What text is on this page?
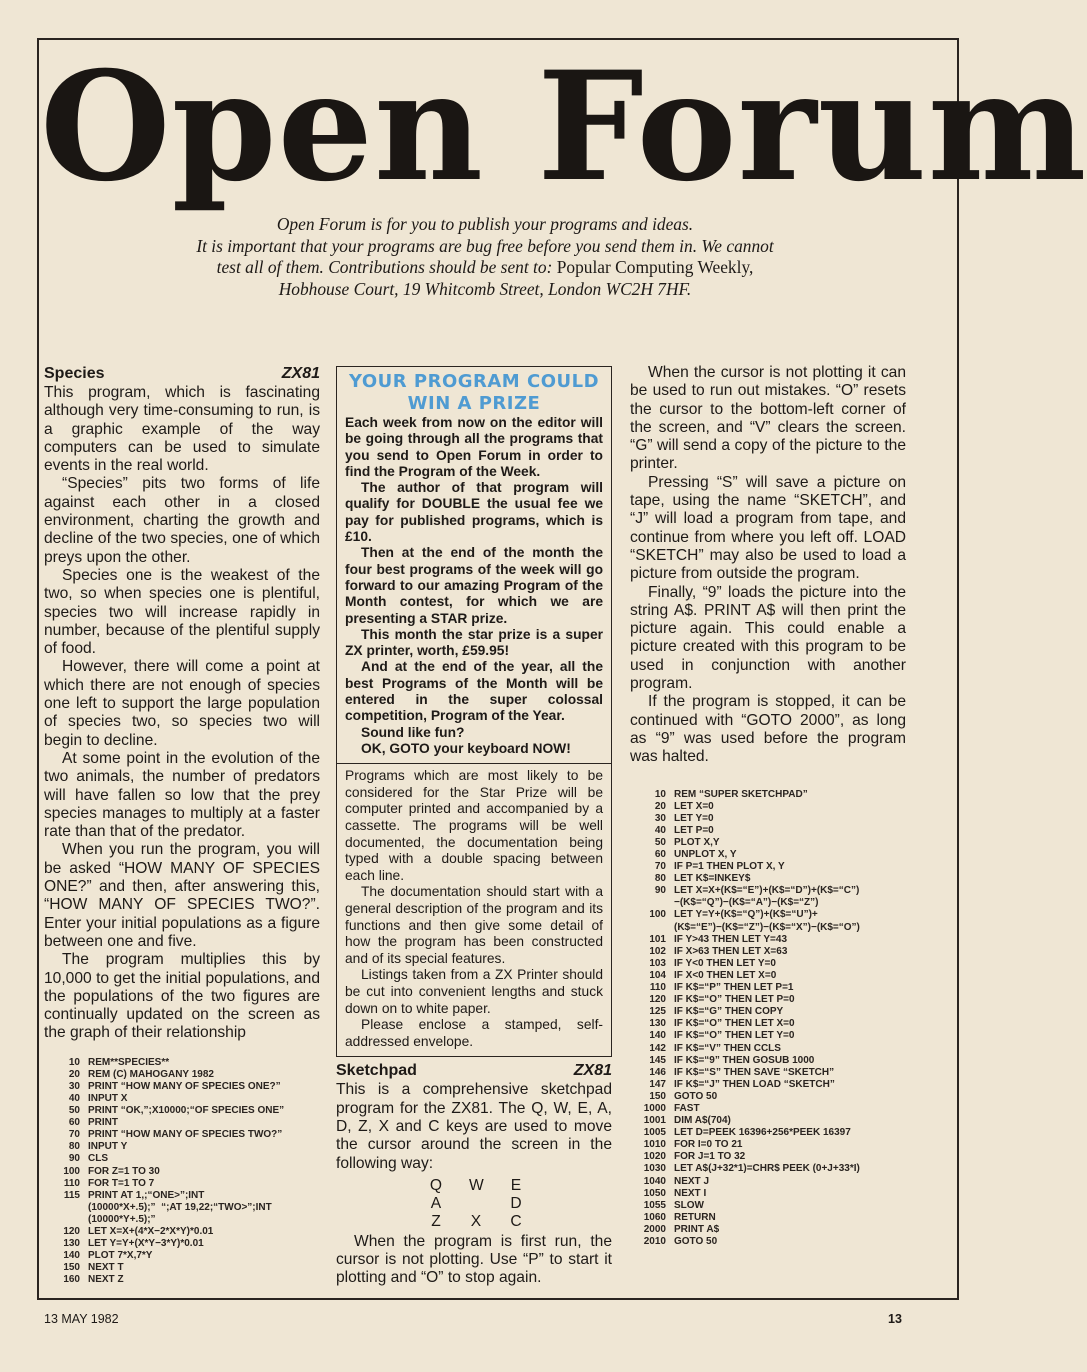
Open Forum
Open Forum is for you to publish your programs and ideas.
It is important that your programs are bug free before you send them in. We cannot
test all of them. Contributions should be sent to: Popular Computing Weekly,
Hobhouse Court, 19 Whitcomb Street, London WC2H 7HF.
Species	ZX81

This program, which is fascinating although very time-consuming to run, is a graphic example of the way computers can be used to simulate events in the real world.

“Species” pits two forms of life against each other in a closed environment, charting the growth and decline of the two species, one of which preys upon the other.

Species one is the weakest of the two, so when species one is plentiful, species two will increase rapidly in number, because of the plentiful supply of food.

However, there will come a point at which there are not enough of species one left to support the large population of species two, so species two will begin to decline.

At some point in the evolution of the two animals, the number of predators will have fallen so low that the prey species manages to multiply at a faster rate than that of the predator.

When you run the program, you will be asked “HOW MANY OF SPECIES ONE?” and then, after answering this, “HOW MANY OF SPECIES TWO?”. Enter your initial populations as a figure between one and five.

The program multiplies this by 10,000 to get the initial populations, and the populations of the two figures are continually updated on the screen as the graph of their relationship

10 REM**SPECIES**
20 REM (C) MAHOGANY 1982
30 PRINT “HOW MANY OF SPECIES ONE?”
40 INPUT X
50 PRINT “OK,”;X10000;“OF SPECIES ONE”
60 PRINT
70 PRINT “HOW MANY OF SPECIES TWO?”
80 INPUT Y
90 CLS
100 FOR Z=1 TO 30
110 FOR T=1 TO 7
115 PRINT AT 1,;“ONE>”;INT
(10000*X+.5);”  “;AT 19,22;“TWO>”;INT
(10000*Y+.5);”
120 LET X=X+(4*X−2*X*Y)*0.01
130 LET Y=Y+(X*Y−3*Y)*0.01
140 PLOT 7*X,7*Y
150 NEXT T
160 NEXT Z
YOUR PROGRAM COULD
WIN A PRIZE

Each week from now on the editor will be going through all the programs that you send to Open Forum in order to find the Program of the Week.

The author of that program will qualify for DOUBLE the usual fee we pay for published programs, which is £10.

Then at the end of the month the four best programs of the week will go forward to our amazing Program of the Month contest, for which we are presenting a STAR prize.

This month the star prize is a super ZX printer, worth, £59.95!

And at the end of the year, all the best Programs of the Month will be entered in the super colossal competition, Program of the Year.

Sound like fun?

OK, GOTO your keyboard NOW!

Programs which are most likely to be considered for the Star Prize will be computer printed and accompanied by a cassette. The programs will be well documented, the documentation being typed with a double spacing between each line.

The documentation should start with a general description of the program and its functions and then give some detail of how the program has been constructed and of its special features.

Listings taken from a ZX Printer should be cut into convenient lengths and stuck down on to white paper.

Please enclose a stamped, self-addressed envelope.

Sketchpad	ZX81

This is a comprehensive sketchpad program for the ZX81. The Q, W, E, A, D, Z, X and C keys are used to move the cursor around the screen in the following way:

Q W E
A	D
Z X C

When the program is first run, the cursor is not plotting. Use “P” to start it plotting and “O” to stop again.

When the cursor is not plotting it can be used to run out mistakes. “O” resets the cursor to the bottom-left corner of the screen, and “V” clears the screen. “G” will send a copy of the picture to the printer.

Pressing “S” will save a picture on tape, using the name “SKETCH”, and “J” will load a program from tape, and continue from where you left off. LOAD “SKETCH” may also be used to load a picture from outside the program.

Finally, “9” loads the picture into the string A$. PRINT A$ will then print the picture again. This could enable a picture created with this program to be used in conjunction with another program.

If the program is stopped, it can be continued with “GOTO 2000”, as long as “9” was used before the program was halted.

10 REM “SUPER SKETCHPAD”
20 LET X=0
30 LET Y=0
40 LET P=0
50 PLOT X,Y
60 UNPLOT X, Y
70 IF P=1 THEN PLOT X, Y
80 LET K$=INKEY$
90 LET X=X+(K$=“E”)+(K$=“D”)+(K$=“C”)
−(K$=“Q”)−(K$=“A”)−(K$=“Z”)
100 LET Y=Y+(K$=“Q”)+(K$=“U”)+
(K$=“E”)−(K$=“Z”)−(K$=“X”)−(K$=“O”)
101 IF Y>43 THEN LET Y=43
102 IF X>63 THEN LET X=63
103 IF Y<0 THEN LET Y=0
104 IF X<0 THEN LET X=0
110 IF K$=“P” THEN LET P=1
120 IF K$=“O” THEN LET P=0
125 IF K$=“G” THEN COPY
130 IF K$=“O” THEN LET X=0
140 IF K$=“O” THEN LET Y=0
142 IF K$=“V” THEN CCLS
145 IF K$=“9” THEN GOSUB 1000
146 IF K$=“S” THEN SAVE “SKETCH”
147 IF K$=“J” THEN LOAD “SKETCH”
150 GOTO 50
1000 FAST
1001 DIM A$(704)
1005 LET D=PEEK 16396+256*PEEK 16397
1010 FOR I=0 TO 21
1020 FOR J=1 TO 32
1030 LET A$(J+32*1)=CHR$ PEEK (0+J+33*I)
1040 NEXT J
1050 NEXT I
1055 SLOW
1060 RETURN
2000 PRINT A$
2010 GOTO 50
13 MAY 1982	13
